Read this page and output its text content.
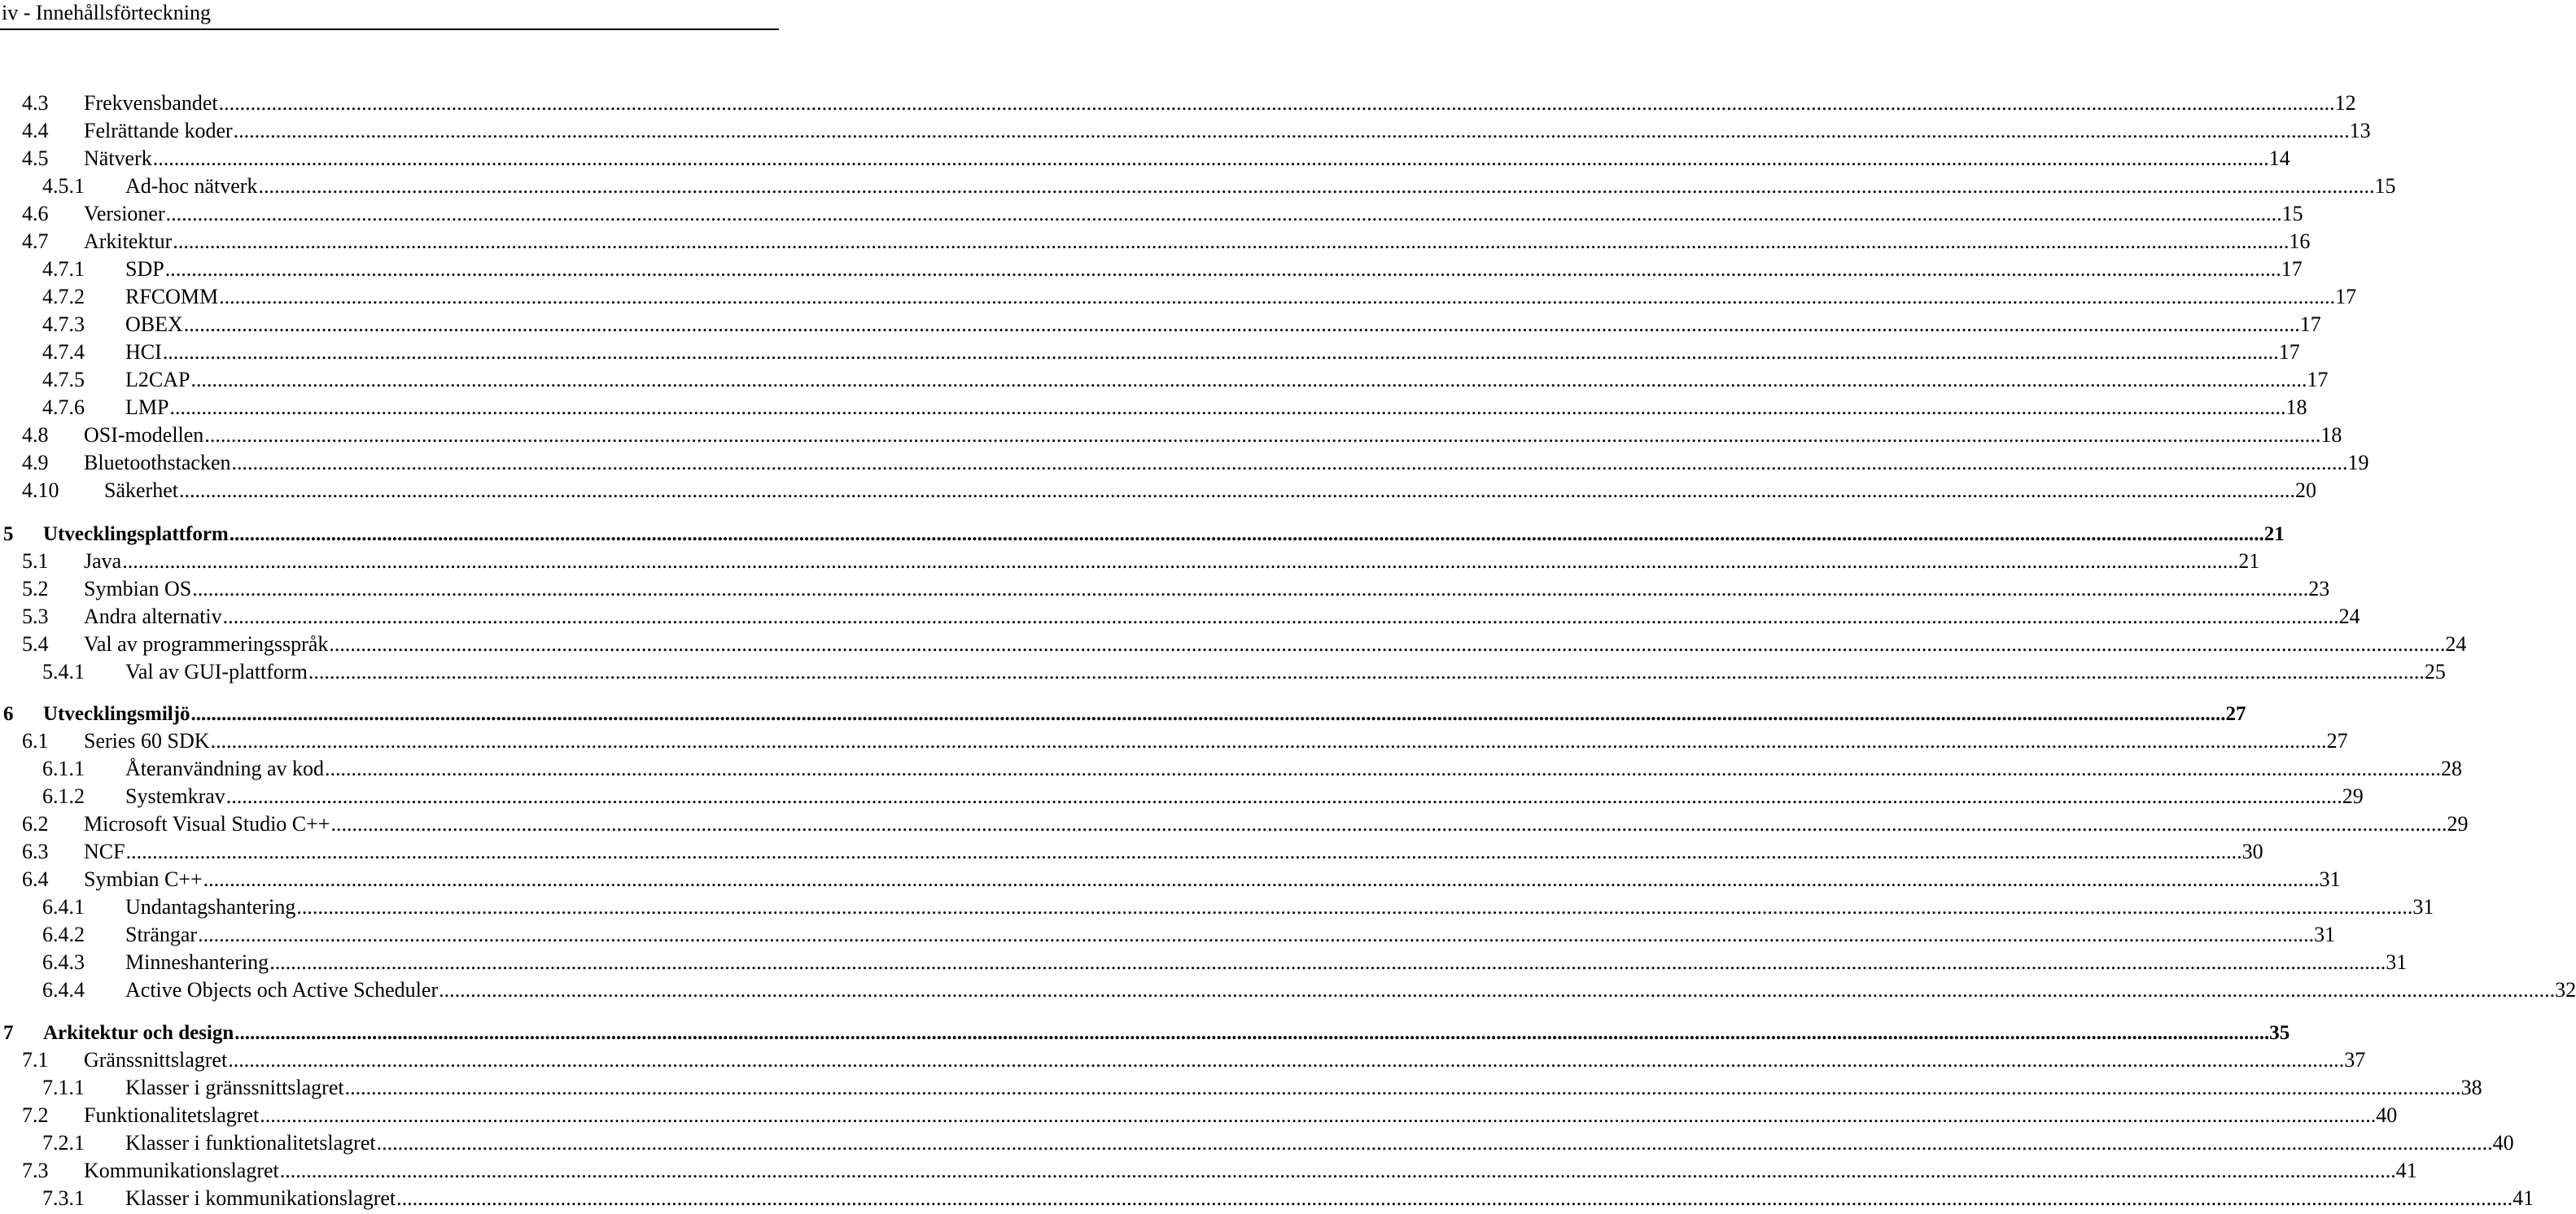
iv - Innehållsförteckning
4.3 Frekvensbandet ................................................................................................................................................................................................................................................................................................................................................................................................................ 12
4.4 Felrättande koder ................................................................................................................................................................................................................................................................................................................................................................................................................ 13
4.5 Nätverk ................................................................................................................................................................................................................................................................................................................................................................................................................ 14
4.5.1 Ad-hoc nätverk ................................................................................................................................................................................................................................................................................................................................................................................................................ 15
4.6 Versioner ................................................................................................................................................................................................................................................................................................................................................................................................................ 15
4.7 Arkitektur ................................................................................................................................................................................................................................................................................................................................................................................................................ 16
4.7.1 SDP ................................................................................................................................................................................................................................................................................................................................................................................................................ 17
4.7.2 RFCOMM ................................................................................................................................................................................................................................................................................................................................................................................................................ 17
4.7.3 OBEX ................................................................................................................................................................................................................................................................................................................................................................................................................ 17
4.7.4 HCI ................................................................................................................................................................................................................................................................................................................................................................................................................ 17
4.7.5 L2CAP ................................................................................................................................................................................................................................................................................................................................................................................................................ 17
4.7.6 LMP ................................................................................................................................................................................................................................................................................................................................................................................................................ 18
4.8 OSI-modellen ................................................................................................................................................................................................................................................................................................................................................................................................................ 18
4.9 Bluetoothstacken ................................................................................................................................................................................................................................................................................................................................................................................................................ 19
4.10 Säkerhet ................................................................................................................................................................................................................................................................................................................................................................................................................ 20
5 Utvecklingsplattform ................................................................................................................................................................................................................................................................................................................................................................................................................ 21
5.1 Java ................................................................................................................................................................................................................................................................................................................................................................................................................ 21
5.2 Symbian OS ................................................................................................................................................................................................................................................................................................................................................................................................................ 23
5.3 Andra alternativ ................................................................................................................................................................................................................................................................................................................................................................................................................ 24
5.4 Val av programmeringsspråk ................................................................................................................................................................................................................................................................................................................................................................................................................ 24
5.4.1 Val av GUI-plattform ................................................................................................................................................................................................................................................................................................................................................................................................................ 25
6 Utvecklingsmiljö ................................................................................................................................................................................................................................................................................................................................................................................................................ 27
6.1 Series 60 SDK ................................................................................................................................................................................................................................................................................................................................................................................................................ 27
6.1.1 Återanvändning av kod ................................................................................................................................................................................................................................................................................................................................................................................................................ 28
6.1.2 Systemkrav ................................................................................................................................................................................................................................................................................................................................................................................................................ 29
6.2 Microsoft Visual Studio C++ ................................................................................................................................................................................................................................................................................................................................................................................................................ 29
6.3 NCF ................................................................................................................................................................................................................................................................................................................................................................................................................ 30
6.4 Symbian C++ ................................................................................................................................................................................................................................................................................................................................................................................................................ 31
6.4.1 Undantagshantering ................................................................................................................................................................................................................................................................................................................................................................................................................ 31
6.4.2 Strängar ................................................................................................................................................................................................................................................................................................................................................................................................................ 31
6.4.3 Minneshantering ................................................................................................................................................................................................................................................................................................................................................................................................................ 31
6.4.4 Active Objects och Active Scheduler ................................................................................................................................................................................................................................................................................................................................................................................................................ 32
7 Arkitektur och design ................................................................................................................................................................................................................................................................................................................................................................................................................ 35
7.1 Gränssnittslagret ................................................................................................................................................................................................................................................................................................................................................................................................................ 37
7.1.1 Klasser i gränssnittslagret ................................................................................................................................................................................................................................................................................................................................................................................................................ 38
7.2 Funktionalitetslagret ................................................................................................................................................................................................................................................................................................................................................................................................................ 40
7.2.1 Klasser i funktionalitetslagret ................................................................................................................................................................................................................................................................................................................................................................................................................ 40
7.3 Kommunikationslagret ................................................................................................................................................................................................................................................................................................................................................................................................................ 41
7.3.1 Klasser i kommunikationslagret ................................................................................................................................................................................................................................................................................................................................................................................................................ 41
